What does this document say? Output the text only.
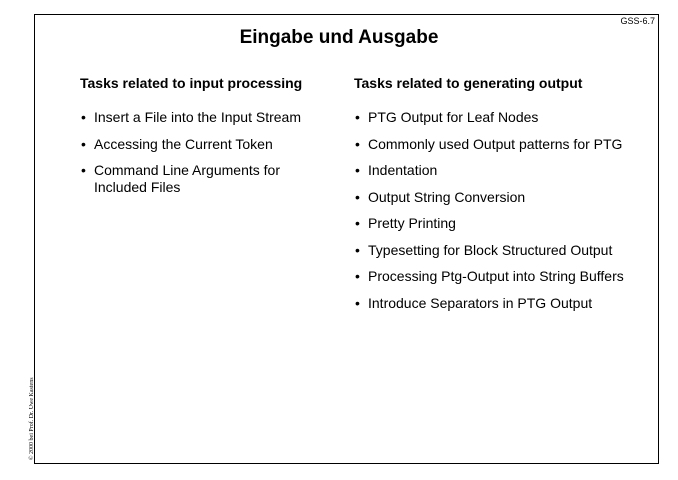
GSS-6.7
Eingabe und Ausgabe
Tasks related to input processing
• Insert a File into the Input Stream
• Accessing the Current Token
• Command Line Arguments for Included Files
Tasks related to generating output
• PTG Output for Leaf Nodes
• Commonly used Output patterns for PTG
• Indentation
• Output String Conversion
• Pretty Printing
• Typesetting for Block Structured Output
• Processing Ptg-Output into String Buffers
• Introduce Separators in PTG Output
© 2000 bei Prof. Dr. Uwe Kastens
